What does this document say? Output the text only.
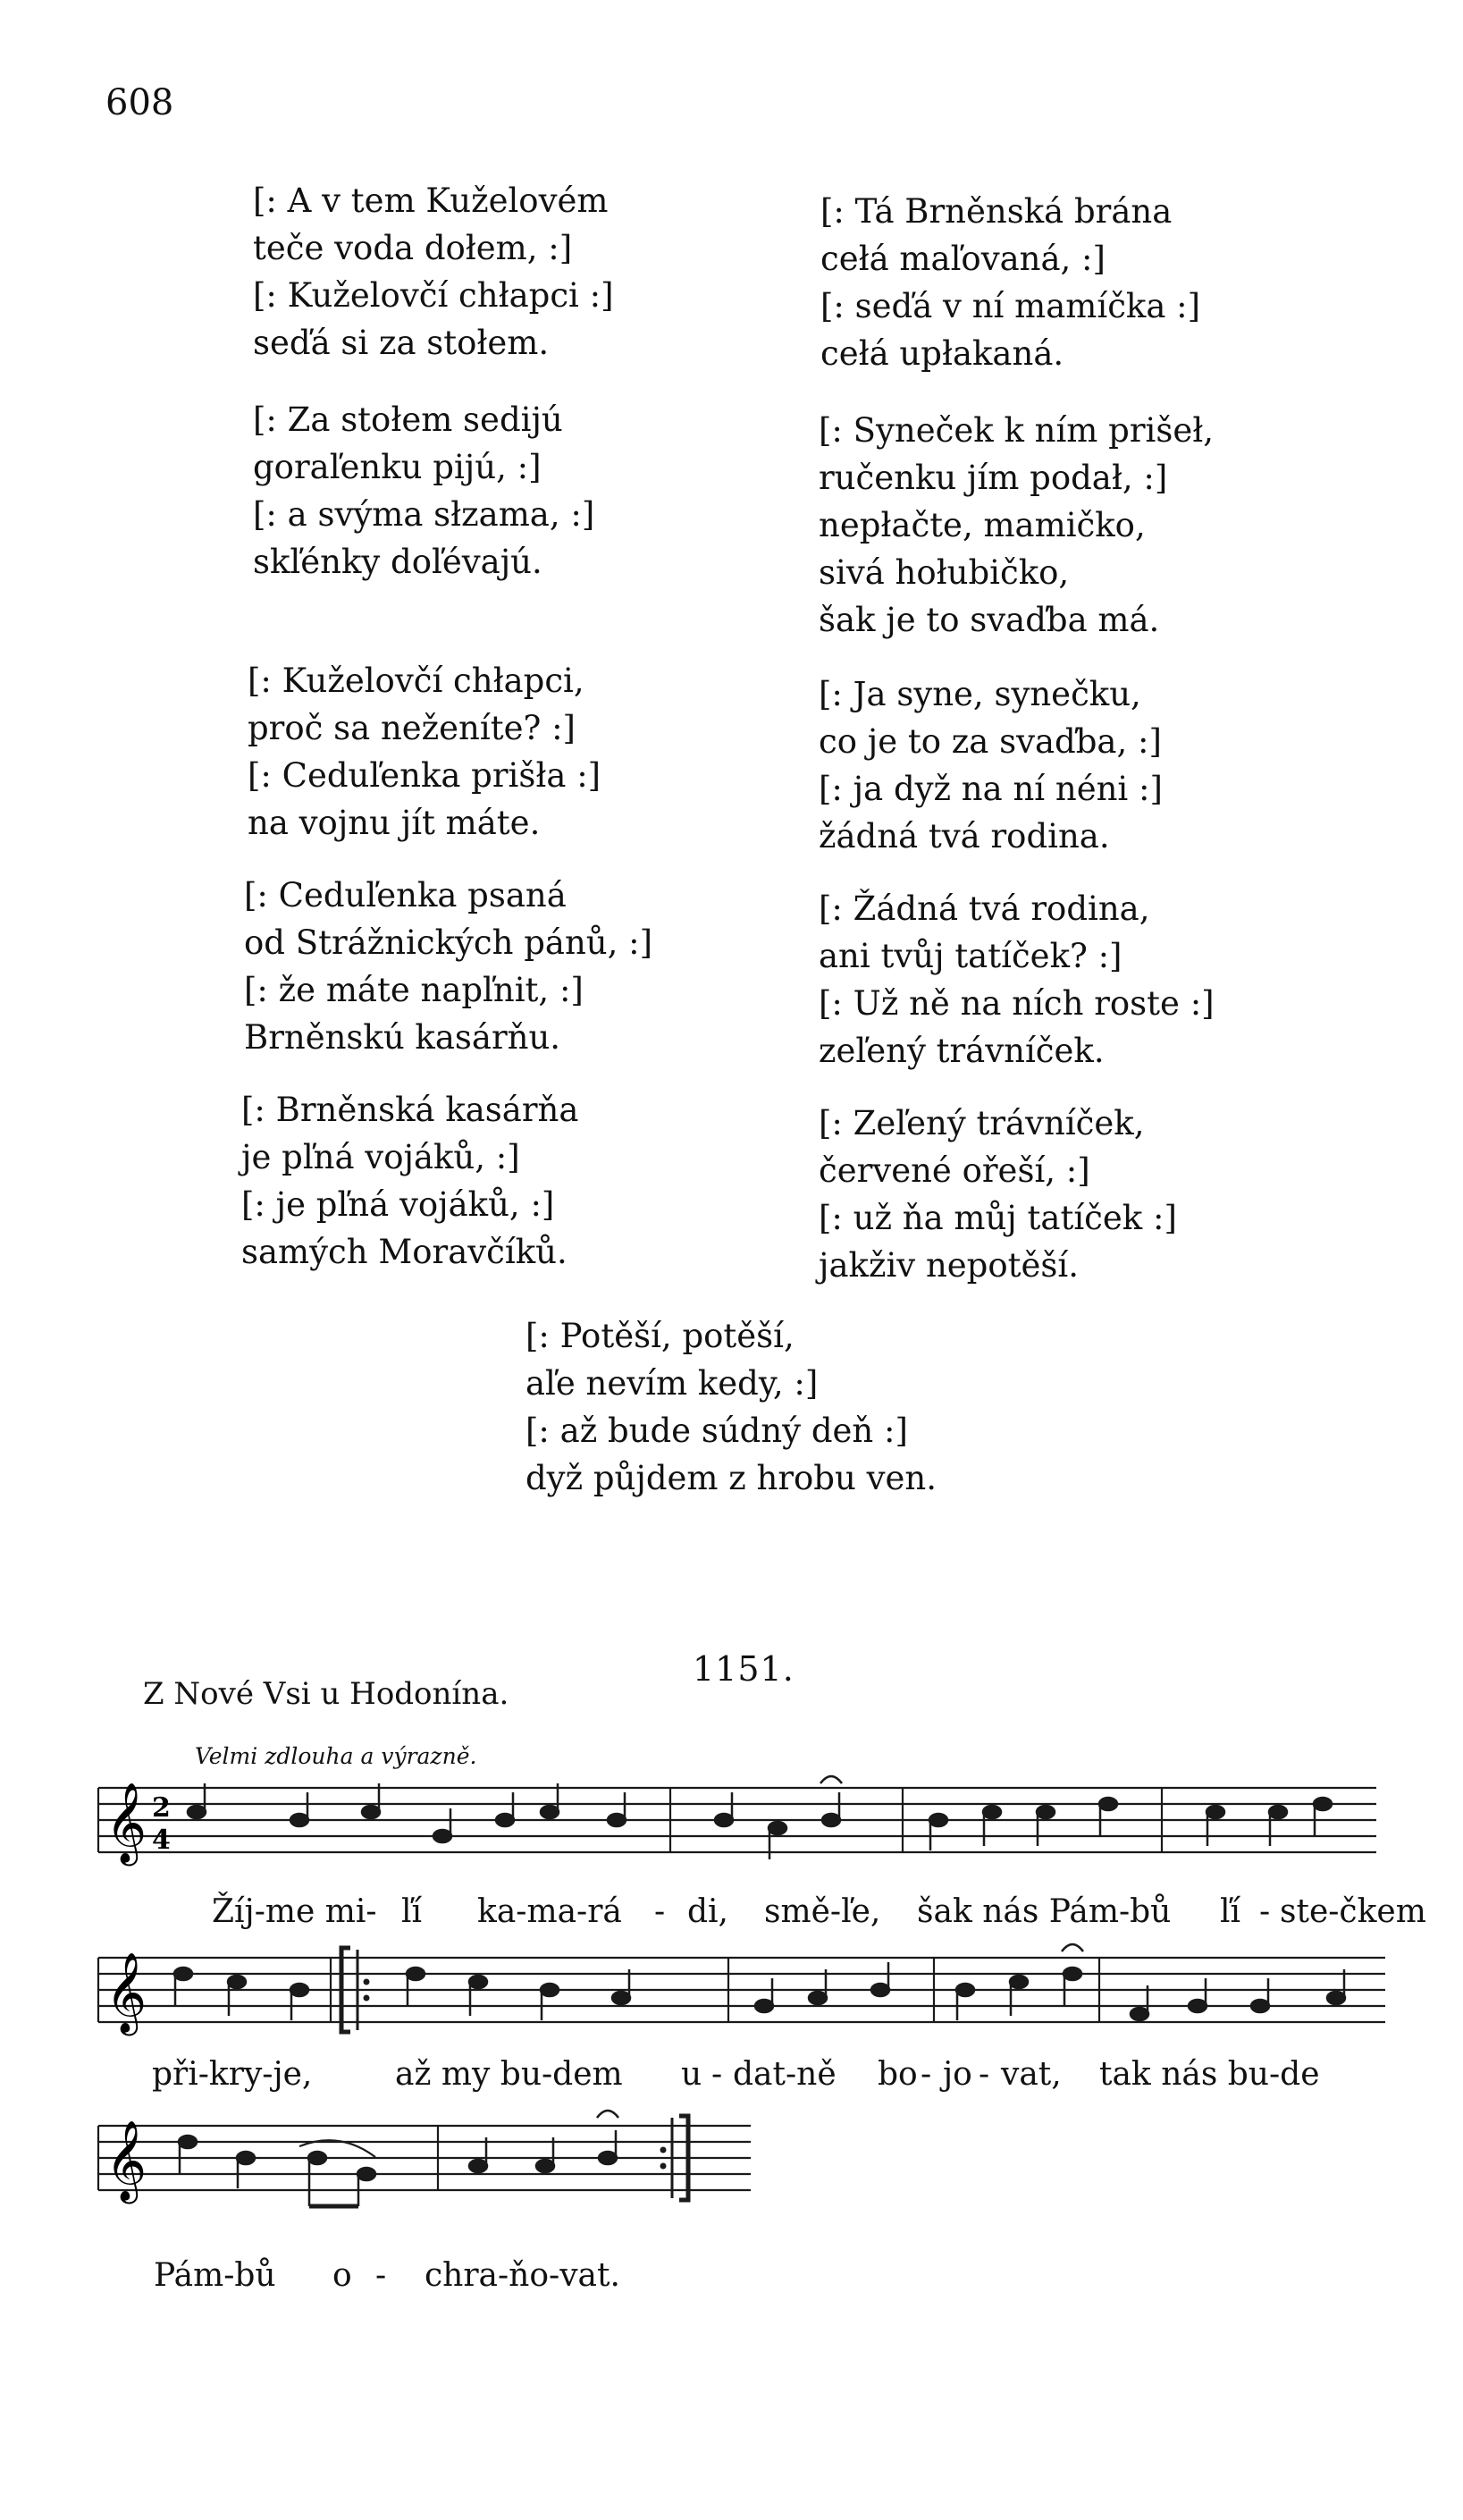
608
[: A v tem Kuželovém
teče voda dołem, :]
[: Kuželovčí chłapci :]
seďá si za stołem.
[: Za stołem sedijú
goraľenku pijú, :]
[: a svýma słzama, :]
skľénky doľévajú.
[: Kuželovčí chłapci,
proč sa neženíte? :]
[: Ceduľenka prišła :]
na vojnu jít máte.
[: Ceduľenka psaná
od Strážnických pánů, :]
[: že máte napľnit, :]
Brněnskú kasárňu.
[: Brněnská kasárňa
je pľná vojáků, :]
[: je pľná vojáků, :]
samých Moravčíků.
[: Tá Brněnská brána
cełá maľovaná, :]
[: seďá v ní mamíčka :]
cełá upłakaná.
[: Syneček k ním prišeł,
ručenku jím podał, :]
nepłačte, mamičko,
sivá hołubičko,
šak je to svaďba má.
[: Ja syne, synečku,
co je to za svaďba, :]
[: ja dyž na ní néni :]
žádná tvá rodina.
[: Žádná tvá rodina,
ani tvůj tatíček? :]
[: Už ně na ních roste :]
zeľený trávníček.
[: Zeľený trávníček,
červené ořeší, :]
[: už ňa můj tatíček :]
jakživ nepotěší.
[: Potěší, potěší,
aľe nevím kedy, :]
[: až bude súdný deň :]
dyž půjdem z hrobu ven.
1151.
Z Nové Vsi u Hodonína.
Velmi zdlouha a výrazně.
𝄞 2
4
Žíj-me mi- ľí ka-ma-rá - di, smě-ľe, šak nás Pám-bů ľí - ste-čkem
𝄞
při-kry-je,	až my bu-dem u - dat-ně bo - jo - vat, tak nás bu-de
𝄞
Pám-bů o - chra-ňo-vat.
